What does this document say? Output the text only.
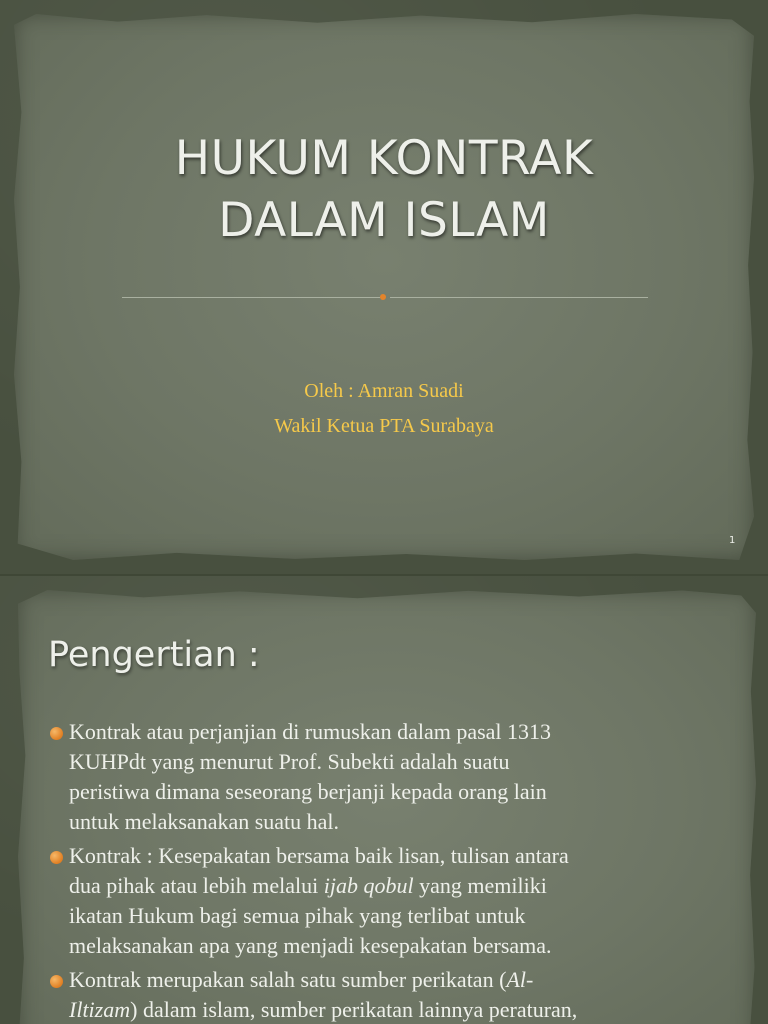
HUKUM KONTRAK
DALAM ISLAM
Oleh : Amran Suadi
Wakil Ketua PTA Surabaya
1
Pengertian :
Kontrak atau perjanjian di rumuskan dalam pasal 1313
KUHPdt yang menurut Prof. Subekti adalah suatu
peristiwa dimana seseorang berjanji kepada orang lain
untuk melaksanakan suatu hal.
Kontrak : Kesepakatan bersama baik lisan, tulisan antara
dua pihak atau lebih melalui ijab qobul yang memiliki
ikatan Hukum bagi semua pihak yang terlibat untuk
melaksanakan apa yang menjadi kesepakatan bersama.
Kontrak merupakan salah satu sumber perikatan (Al-
Iltizam) dalam islam, sumber perikatan lainnya peraturan,
